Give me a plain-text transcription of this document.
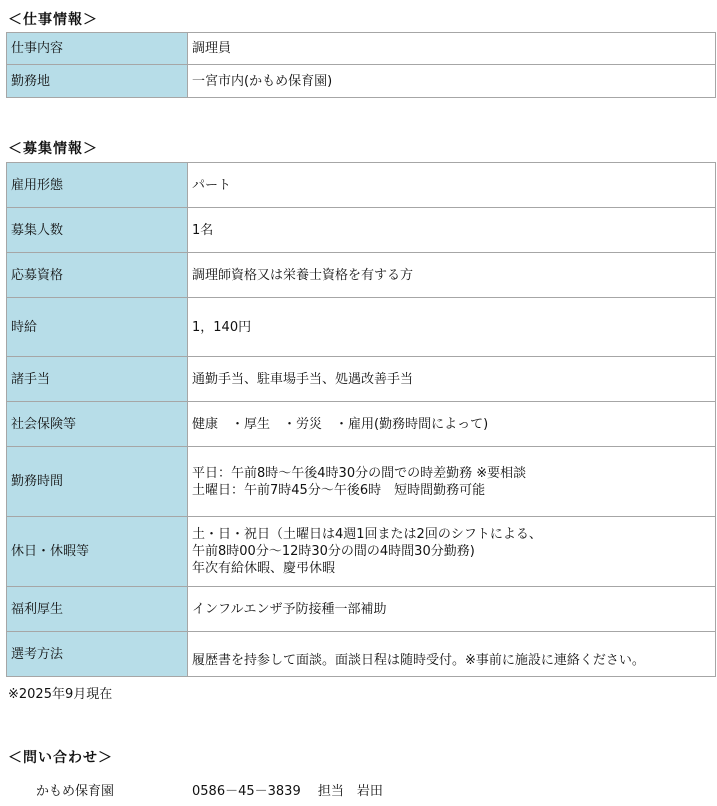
＜仕事情報＞
仕事内容	調理員

勤務地	一宮市内(かもめ保育園)
＜募集情報＞
雇用形態	パート

募集人数	1名

応募資格	調理師資格又は栄養士資格を有する方

時給	1，140円

諸手当	通勤手当、駐車場手当、処遇改善手当

社会保険等	健康　・厚生　・労災　・雇用(勤務時間によって)

勤務時間	平日：午前8時～午後4時30分の間での時差勤務 ※要相談
土曜日：午前7時45分～午後6時　短時間勤務可能

休日・休暇等	土・日・祝日（土曜日は4週1回または2回のシフトによる、
午前8時00分～12時30分の間の4時間30分勤務)
年次有給休暇、慶弔休暇

福利厚生	インフルエンザ予防接種一部補助

選考方法	履歴書を持参して面談。面談日程は随時受付。※事前に施設に連絡ください。
※2025年9月現在
＜問い合わせ＞
かもめ保育園	0586－45－3839　 担当　岩田
